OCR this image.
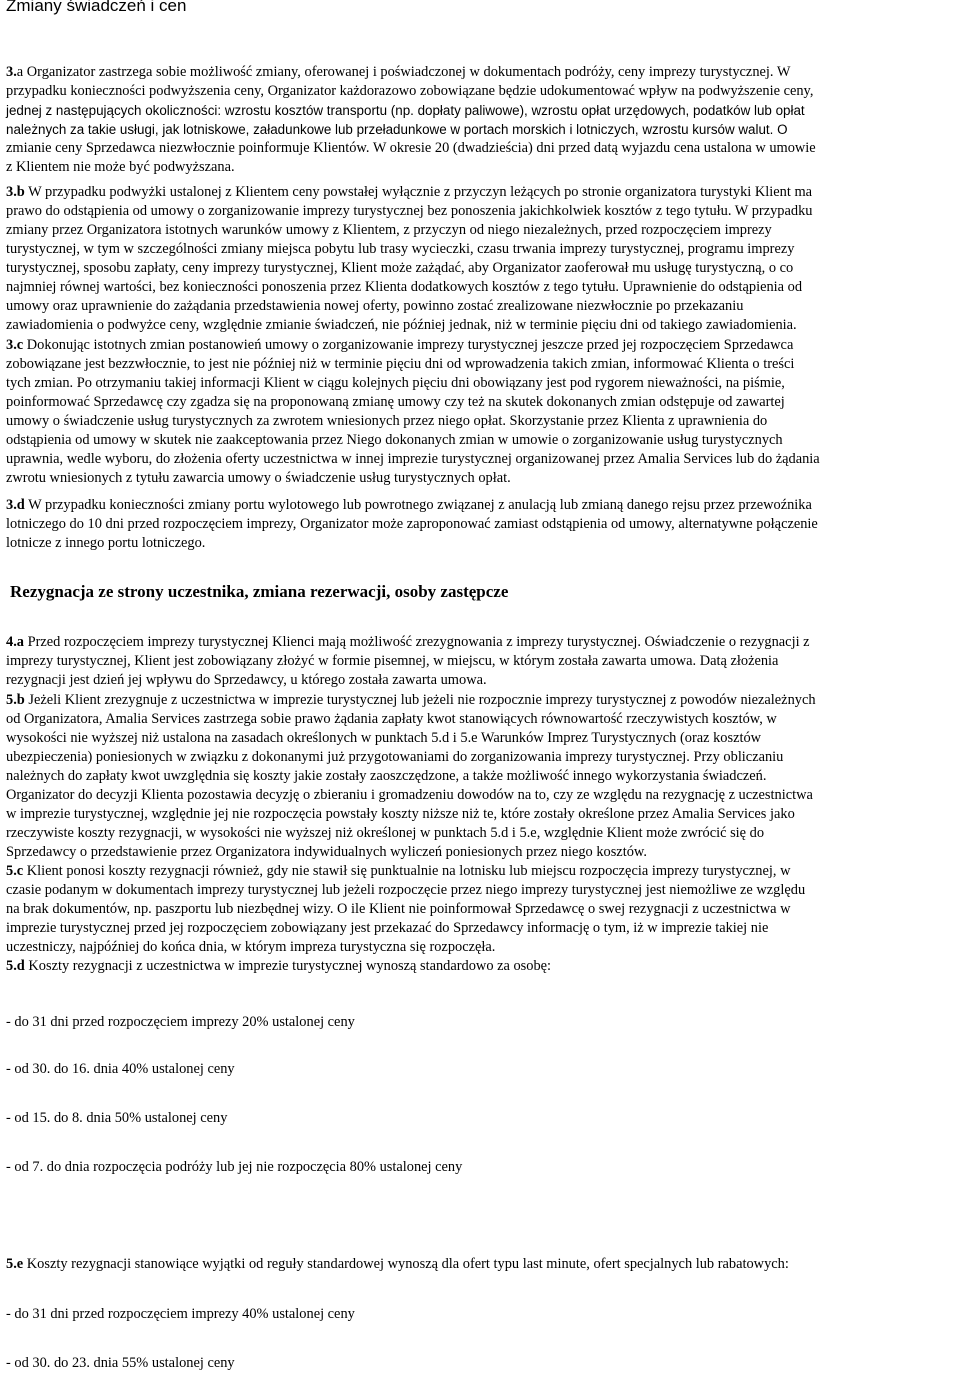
Zmiany świadczeń i cen
3.a Organizator zastrzega sobie możliwość zmiany, oferowanej i poświadczonej w dokumentach podróży, ceny imprezy turystycznej. W
przypadku konieczności podwyższenia ceny, Organizator każdorazowo zobowiązane będzie udokumentować wpływ na podwyższenie ceny,
jednej z następujących okoliczności: wzrostu kosztów transportu (np. dopłaty paliwowe), wzrostu opłat urzędowych, podatków lub opłat
należnych za takie usługi, jak lotniskowe, załadunkowe lub przeładunkowe w portach morskich i lotniczych, wzrostu kursów walut. O
zmianie ceny Sprzedawca niezwłocznie poinformuje Klientów. W okresie 20 (dwadzieścia) dni przed datą wyjazdu cena ustalona w umowie
z Klientem nie może być podwyższana.
3.b W przypadku podwyżki ustalonej z Klientem ceny powstałej wyłącznie z przyczyn leżących po stronie organizatora turystyki Klient ma
prawo do odstąpienia od umowy o zorganizowanie imprezy turystycznej bez ponoszenia jakichkolwiek kosztów z tego tytułu. W przypadku
zmiany przez Organizatora istotnych warunków umowy z Klientem, z przyczyn od niego niezależnych, przed rozpoczęciem imprezy
turystycznej, w tym w szczególności zmiany miejsca pobytu lub trasy wycieczki, czasu trwania imprezy turystycznej, programu imprezy
turystycznej, sposobu zapłaty, ceny imprezy turystycznej, Klient może zażądać, aby Organizator zaoferował mu usługę turystyczną, o co
najmniej równej wartości, bez konieczności ponoszenia przez Klienta dodatkowych kosztów z tego tytułu. Uprawnienie do odstąpienia od
umowy oraz uprawnienie do zażądania przedstawienia nowej oferty, powinno zostać zrealizowane niezwłocznie po przekazaniu
zawiadomienia o podwyżce ceny, względnie zmianie świadczeń, nie później jednak, niż w terminie pięciu dni od takiego zawiadomienia.
3.c Dokonując istotnych zmian postanowień umowy o zorganizowanie imprezy turystycznej jeszcze przed jej rozpoczęciem Sprzedawca
zobowiązane jest bezzwłocznie, to jest nie później niż w terminie pięciu dni od wprowadzenia takich zmian, informować Klienta o treści
tych zmian. Po otrzymaniu takiej informacji Klient w ciągu kolejnych pięciu dni obowiązany jest pod rygorem nieważności, na piśmie,
poinformować Sprzedawcę czy zgadza się na proponowaną zmianę umowy czy też na skutek dokonanych zmian odstępuje od zawartej
umowy o świadczenie usług turystycznych za zwrotem wniesionych przez niego opłat. Skorzystanie przez Klienta z uprawnienia do
odstąpienia od umowy w skutek nie zaakceptowania przez Niego dokonanych zmian w umowie o zorganizowanie usług turystycznych
uprawnia, wedle wyboru, do złożenia oferty uczestnictwa w innej imprezie turystycznej organizowanej przez Amalia Services lub do żądania
zwrotu wniesionych z tytułu zawarcia umowy o świadczenie usług turystycznych opłat.
3.d W przypadku konieczności zmiany portu wylotowego lub powrotnego związanej z anulacją lub zmianą danego rejsu przez przewoźnika
lotniczego do 10 dni przed rozpoczęciem imprezy, Organizator może zaproponować zamiast odstąpienia od umowy, alternatywne połączenie
lotnicze z innego portu lotniczego.
Rezygnacja ze strony uczestnika, zmiana rezerwacji, osoby zastępcze
4.a Przed rozpoczęciem imprezy turystycznej Klienci mają możliwość zrezygnowania z imprezy turystycznej. Oświadczenie o rezygnacji z
imprezy turystycznej, Klient jest zobowiązany złożyć w formie pisemnej, w miejscu, w którym została zawarta umowa. Datą złożenia
rezygnacji jest dzień jej wpływu do Sprzedawcy, u którego została zawarta umowa.
5.b Jeżeli Klient zrezygnuje z uczestnictwa w imprezie turystycznej lub jeżeli nie rozpocznie imprezy turystycznej z powodów niezależnych
od Organizatora, Amalia Services zastrzega sobie prawo żądania zapłaty kwot stanowiących równowartość rzeczywistych kosztów, w
wysokości nie wyższej niż ustalona na zasadach określonych w punktach 5.d i 5.e Warunków Imprez Turystycznych (oraz kosztów
ubezpieczenia) poniesionych w związku z dokonanymi już przygotowaniami do zorganizowania imprezy turystycznej. Przy obliczaniu
należnych do zapłaty kwot uwzględnia się koszty jakie zostały zaoszczędzone, a także możliwość innego wykorzystania świadczeń.
Organizator do decyzji Klienta pozostawia decyzję o zbieraniu i gromadzeniu dowodów na to, czy ze względu na rezygnację z uczestnictwa
w imprezie turystycznej, względnie jej nie rozpoczęcia powstały koszty niższe niż te, które zostały określone przez Amalia Services jako
rzeczywiste koszty rezygnacji, w wysokości nie wyższej niż określonej w punktach 5.d i 5.e, względnie Klient może zwrócić się do
Sprzedawcy o przedstawienie przez Organizatora indywidualnych wyliczeń poniesionych przez niego kosztów.
5.c Klient ponosi koszty rezygnacji również, gdy nie stawił się punktualnie na lotnisku lub miejscu rozpoczęcia imprezy turystycznej, w
czasie podanym w dokumentach imprezy turystycznej lub jeżeli rozpoczęcie przez niego imprezy turystycznej jest niemożliwe ze względu
na brak dokumentów, np. paszportu lub niezbędnej wizy. O ile Klient nie poinformował Sprzedawcę o swej rezygnacji z uczestnictwa w
imprezie turystycznej przed jej rozpoczęciem zobowiązany jest przekazać do Sprzedawcy informację o tym, iż w imprezie takiej nie
uczestniczy, najpóźniej do końca dnia, w którym impreza turystyczna się rozpoczęła.
5.d Koszty rezygnacji z uczestnictwa w imprezie turystycznej wynoszą standardowo za osobę:
- do 31 dni przed rozpoczęciem imprezy 20% ustalonej ceny
- od 30. do 16. dnia 40% ustalonej ceny
- od 15. do 8. dnia 50% ustalonej ceny
- od 7. do dnia rozpoczęcia podróży lub jej nie rozpoczęcia 80% ustalonej ceny
5.e Koszty rezygnacji stanowiące wyjątki od reguły standardowej wynoszą dla ofert typu last minute, ofert specjalnych lub rabatowych:
- do 31 dni przed rozpoczęciem imprezy 40% ustalonej ceny
- od 30. do 23. dnia 55% ustalonej ceny
